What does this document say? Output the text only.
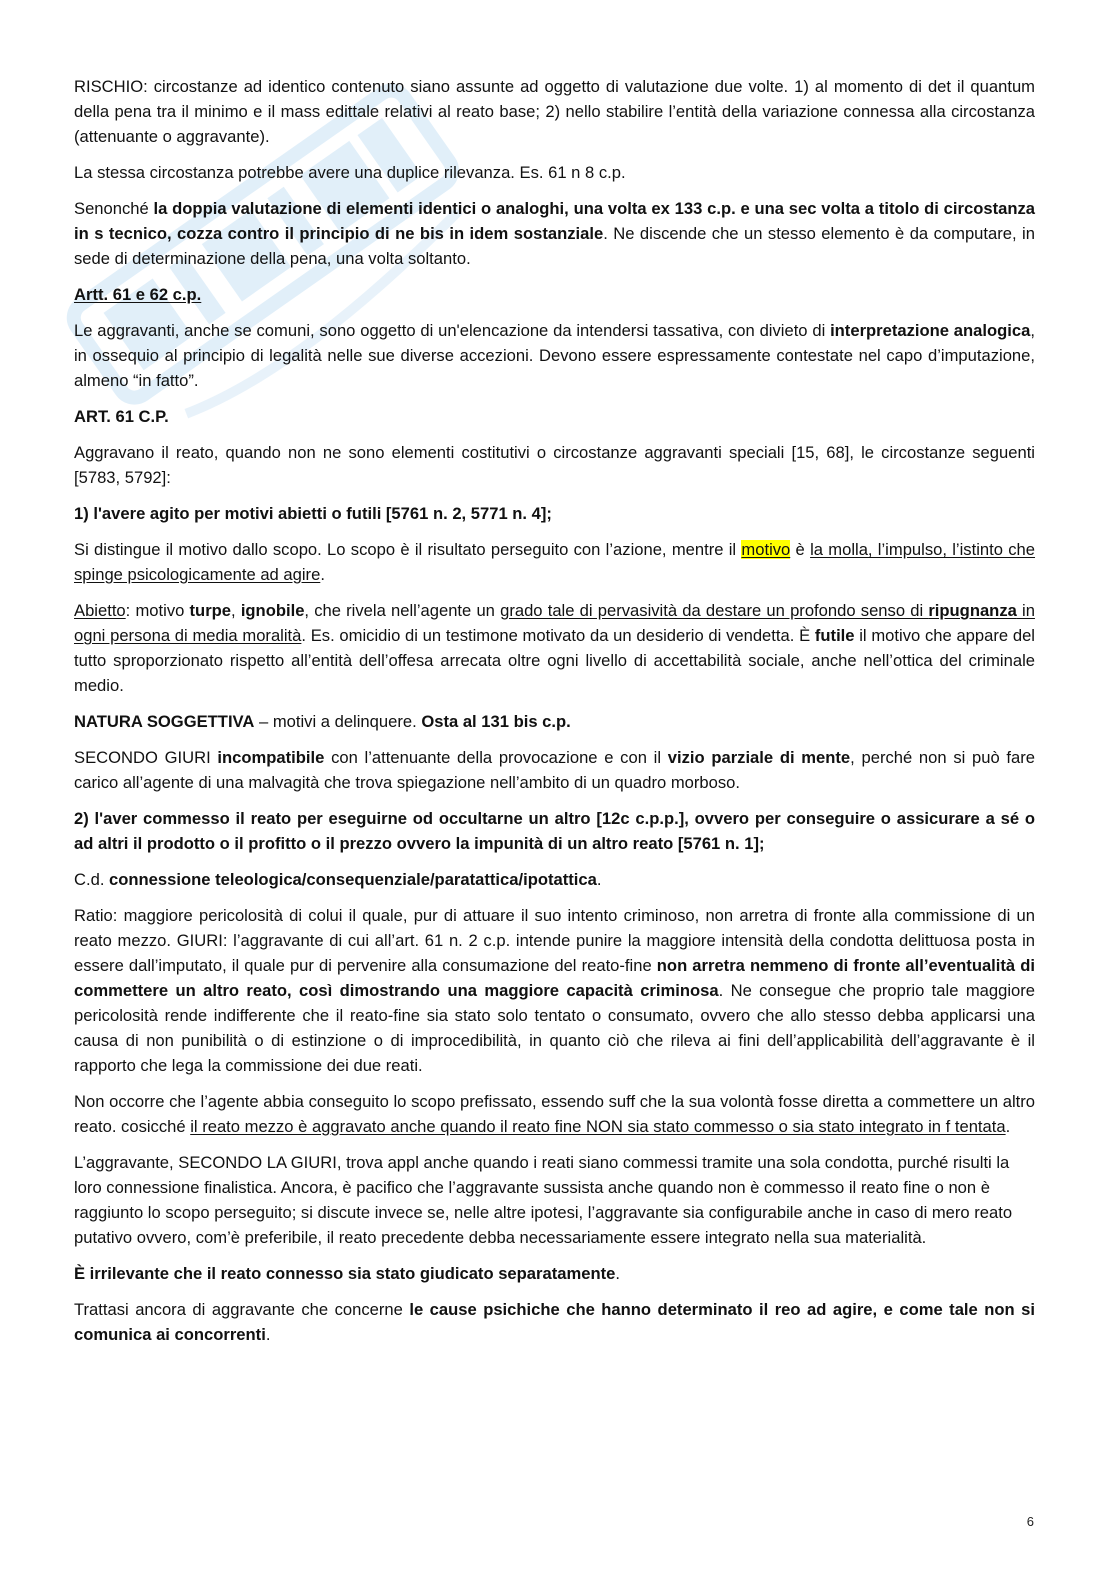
RISCHIO: circostanze ad identico contenuto siano assunte ad oggetto di valutazione due volte. 1) al momento di det il quantum della pena tra il minimo e il mass edittale relativi al reato base; 2) nello stabilire l’entità della variazione connessa alla circostanza (attenuante o aggravante).

La stessa circostanza potrebbe avere una duplice rilevanza. Es. 61 n 8 c.p.

Senonché la doppia valutazione di elementi identici o analoghi, una volta ex 133 c.p. e una sec volta a titolo di circostanza in s tecnico, cozza contro il principio di ne bis in idem sostanziale. Ne discende che un stesso elemento è da computare, in sede di determinazione della pena, una volta soltanto.

Artt. 61 e 62 c.p.

Le aggravanti, anche se comuni, sono oggetto di un'elencazione da intendersi tassativa, con divieto di interpretazione analogica, in ossequio al principio di legalità nelle sue diverse accezioni. Devono essere espressamente contestate nel capo d’imputazione, almeno “in fatto”.

ART. 61 C.P.

Aggravano il reato, quando non ne sono elementi costitutivi o circostanze aggravanti speciali [15, 68], le circostanze seguenti [5783, 5792]:

1) l'avere agito per motivi abietti o futili [5761 n. 2, 5771 n. 4];

Si distingue il motivo dallo scopo. Lo scopo è il risultato perseguito con l’azione, mentre il motivo è la molla, l’impulso, l’istinto che spinge psicologicamente ad agire.

Abietto: motivo turpe, ignobile, che rivela nell’agente un grado tale di pervasività da destare un profondo senso di ripugnanza in ogni persona di media moralità. Es. omicidio di un testimone motivato da un desiderio di vendetta. È futile il motivo che appare del tutto sproporzionato rispetto all’entità dell’offesa arrecata oltre ogni livello di accettabilità sociale, anche nell’ottica del criminale medio.

NATURA SOGGETTIVA – motivi a delinquere. Osta al 131 bis c.p.

SECONDO GIURI incompatibile con l’attenuante della provocazione e con il vizio parziale di mente, perché non si può fare carico all’agente di una malvagità che trova spiegazione nell’ambito di un quadro morboso.

2) l'aver commesso il reato per eseguirne od occultarne un altro [12c c.p.p.], ovvero per conseguire o assicurare a sé o ad altri il prodotto o il profitto o il prezzo ovvero la impunità di un altro reato [5761 n. 1];

C.d. connessione teleologica/consequenziale/paratattica/ipotattica.

Ratio: maggiore pericolosità di colui il quale, pur di attuare il suo intento criminoso, non arretra di fronte alla commissione di un reato mezzo. GIURI: l’aggravante di cui all’art. 61 n. 2 c.p. intende punire la maggiore intensità della condotta delittuosa posta in essere dall’imputato, il quale pur di pervenire alla consumazione del reato-fine non arretra nemmeno di fronte all’eventualità di commettere un altro reato, così dimostrando una maggiore capacità criminosa. Ne consegue che proprio tale maggiore pericolosità rende indifferente che il reato-fine sia stato solo tentato o consumato, ovvero che allo stesso debba applicarsi una causa di non punibilità o di estinzione o di improcedibilità, in quanto ciò che rileva ai fini dell’applicabilità dell’aggravante è il rapporto che lega la commissione dei due reati.

Non occorre che l’agente abbia conseguito lo scopo prefissato, essendo suff che la sua volontà fosse diretta a commettere un altro reato. cosicché il reato mezzo è aggravato anche quando il reato fine NON sia stato commesso o sia stato integrato in f tentata.

L’aggravante, SECONDO LA GIURI, trova appl anche quando i reati siano commessi tramite una sola condotta, purché risulti la loro connessione finalistica. Ancora, è pacifico che l’aggravante sussista anche quando non è commesso il reato fine o non è raggiunto lo scopo perseguito; si discute invece se, nelle altre ipotesi, l’aggravante sia configurabile anche in caso di mero reato putativo ovvero, com’è preferibile, il reato precedente debba necessariamente essere integrato nella sua materialità.

È irrilevante che il reato connesso sia stato giudicato separatamente.

Trattasi ancora di aggravante che concerne le cause psichiche che hanno determinato il reo ad agire, e come tale non si comunica ai concorrenti.

6
